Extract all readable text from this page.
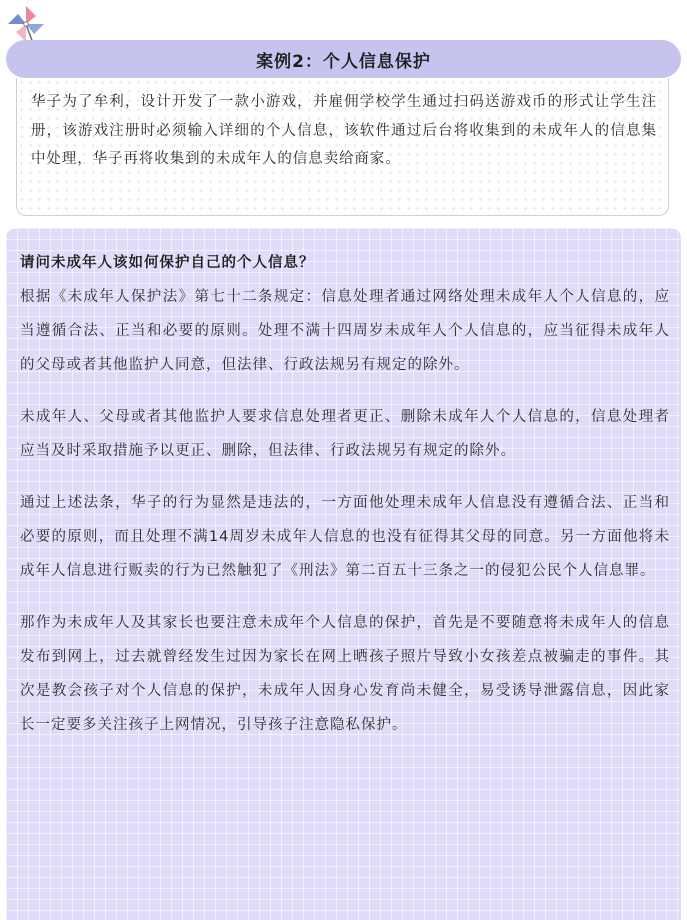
案例2：个人信息保护
华子为了牟利，设计开发了一款小游戏，并雇佣学校学生通过扫码送游戏币的形式让学生注册，该游戏注册时必须输入详细的个人信息，该软件通过后台将收集到的未成年人的信息集中处理，华子再将收集到的未成年人的信息卖给商家。

请问未成年人该如何保护自己的个人信息？

根据《未成年人保护法》第七十二条规定：信息处理者通过网络处理未成年人个人信息的，应当遵循合法、正当和必要的原则。处理不满十四周岁未成年人个人信息的，应当征得未成年人的父母或者其他监护人同意，但法律、行政法规另有规定的除外。

未成年人、父母或者其他监护人要求信息处理者更正、删除未成年人个人信息的，信息处理者应当及时采取措施予以更正、删除，但法律、行政法规另有规定的除外。

通过上述法条，华子的行为显然是违法的，一方面他处理未成年人信息没有遵循合法、正当和必要的原则，而且处理不满14周岁未成年人信息的也没有征得其父母的同意。另一方面他将未成年人信息进行贩卖的行为已然触犯了《刑法》第二百五十三条之一的侵犯公民个人信息罪。

那作为未成年人及其家长也要注意未成年个人信息的保护，首先是不要随意将未成年人的信息发布到网上，过去就曾经发生过因为家长在网上晒孩子照片导致小女孩差点被骗走的事件。其次是教会孩子对个人信息的保护，未成年人因身心发育尚未健全，易受诱导泄露信息，因此家长一定要多关注孩子上网情况，引导孩子注意隐私保护。
